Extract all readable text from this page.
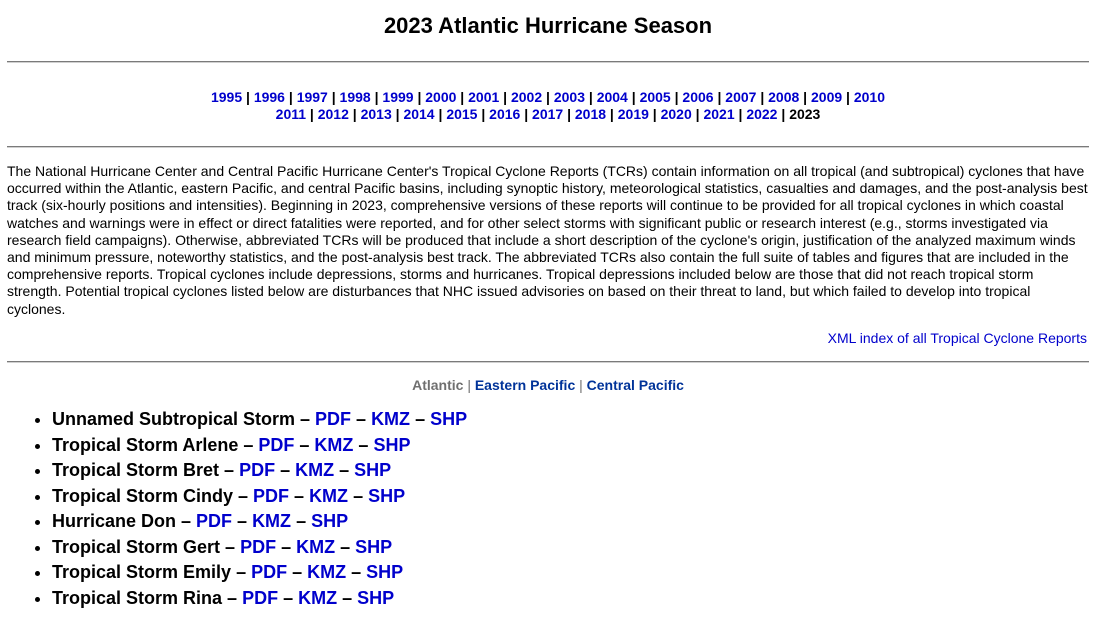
2023 Atlantic Hurricane Season
1995 | 1996 | 1997 | 1998 | 1999 | 2000 | 2001 | 2002 | 2003 | 2004 | 2005 | 2006 | 2007 | 2008 | 2009 | 2010
2011 | 2012 | 2013 | 2014 | 2015 | 2016 | 2017 | 2018 | 2019 | 2020 | 2021 | 2022 | 2023

The National Hurricane Center and Central Pacific Hurricane Center's Tropical Cyclone Reports (TCRs) contain information on all tropical (and subtropical) cyclones that have occurred within the Atlantic, eastern Pacific, and central Pacific basins, including synoptic history, meteorological statistics, casualties and damages, and the post-analysis best track (six-hourly positions and intensities). Beginning in 2023, comprehensive versions of these reports will continue to be provided for all tropical cyclones in which coastal watches and warnings were in effect or direct fatalities were reported, and for other select storms with significant public or research interest (e.g., storms investigated via research field campaigns). Otherwise, abbreviated TCRs will be produced that include a short description of the cyclone's origin, justification of the analyzed maximum winds and minimum pressure, noteworthy statistics, and the post-analysis best track. The abbreviated TCRs also contain the full suite of tables and figures that are included in the comprehensive reports. Tropical cyclones include depressions, storms and hurricanes. Tropical depressions included below are those that did not reach tropical storm strength. Potential tropical cyclones listed below are disturbances that NHC issued advisories on based on their threat to land, but which failed to develop into tropical cyclones.

XML index of all Tropical Cyclone Reports
Atlantic | Eastern Pacific | Central Pacific
• Unnamed Subtropical Storm – PDF – KMZ – SHP
• Tropical Storm Arlene – PDF – KMZ – SHP
• Tropical Storm Bret – PDF – KMZ – SHP
• Tropical Storm Cindy – PDF – KMZ – SHP
• Hurricane Don – PDF – KMZ – SHP
• Tropical Storm Gert – PDF – KMZ – SHP
• Tropical Storm Emily – PDF – KMZ – SHP
• Tropical Storm Rina – PDF – KMZ – SHP
